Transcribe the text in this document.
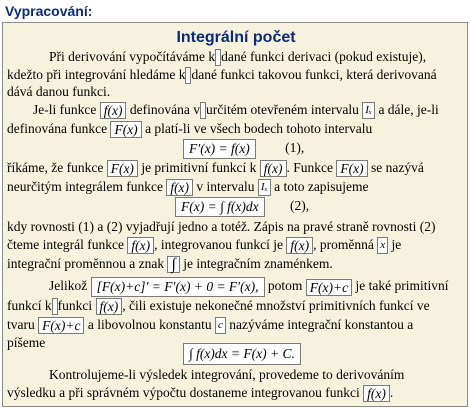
Vypracování:
Integrální počet
Při derivování vypočítáváme k dané funkci derivaci (pokud existuje),
kdežto při integrování hledáme k dané funkci takovou funkci, která derivovaná
dává danou funkci.
Je-li funkce f(x) definována v určitém otevřeném intervalu Iₓ a dále, je-li
definována funkce F(x) a platí-li ve všech bodech tohoto intervalu
F′(x) = f(x)	(1),
říkáme, že funkce F(x) je primitivní funkcí k f(x) . Funkce F(x) se nazývá
neurčitým integrálem funkce f(x) v intervalu Iₓ a toto zapisujeme
F(x) = ∫ f(x)dx (2),
kdy rovnosti (1) a (2) vyjadřují jedno a totéž. Zápis na pravé straně rovnosti (2)
čteme integrál funkce f(x) , integrovanou funkcí je f(x) , proměnná x je
integrační proměnnou a znak ∫ je integračním znaménkem.
Jelikož [F(x)+c]′ = F′(x) + 0 = F′(x), potom F(x)+c je také primitivní
funkcí k funkci f(x) , čili existuje nekonečné množství primitivních funkcí ve
tvaru F(x)+c a libovolnou konstantu c nazýváme integrační konstantou a
píšeme
∫ f(x)dx = F(x) + C.
Kontrolujeme-li výsledek integrování, provedeme to derivováním
výsledku a při správném výpočtu dostaneme integrovanou funkci f(x) .
